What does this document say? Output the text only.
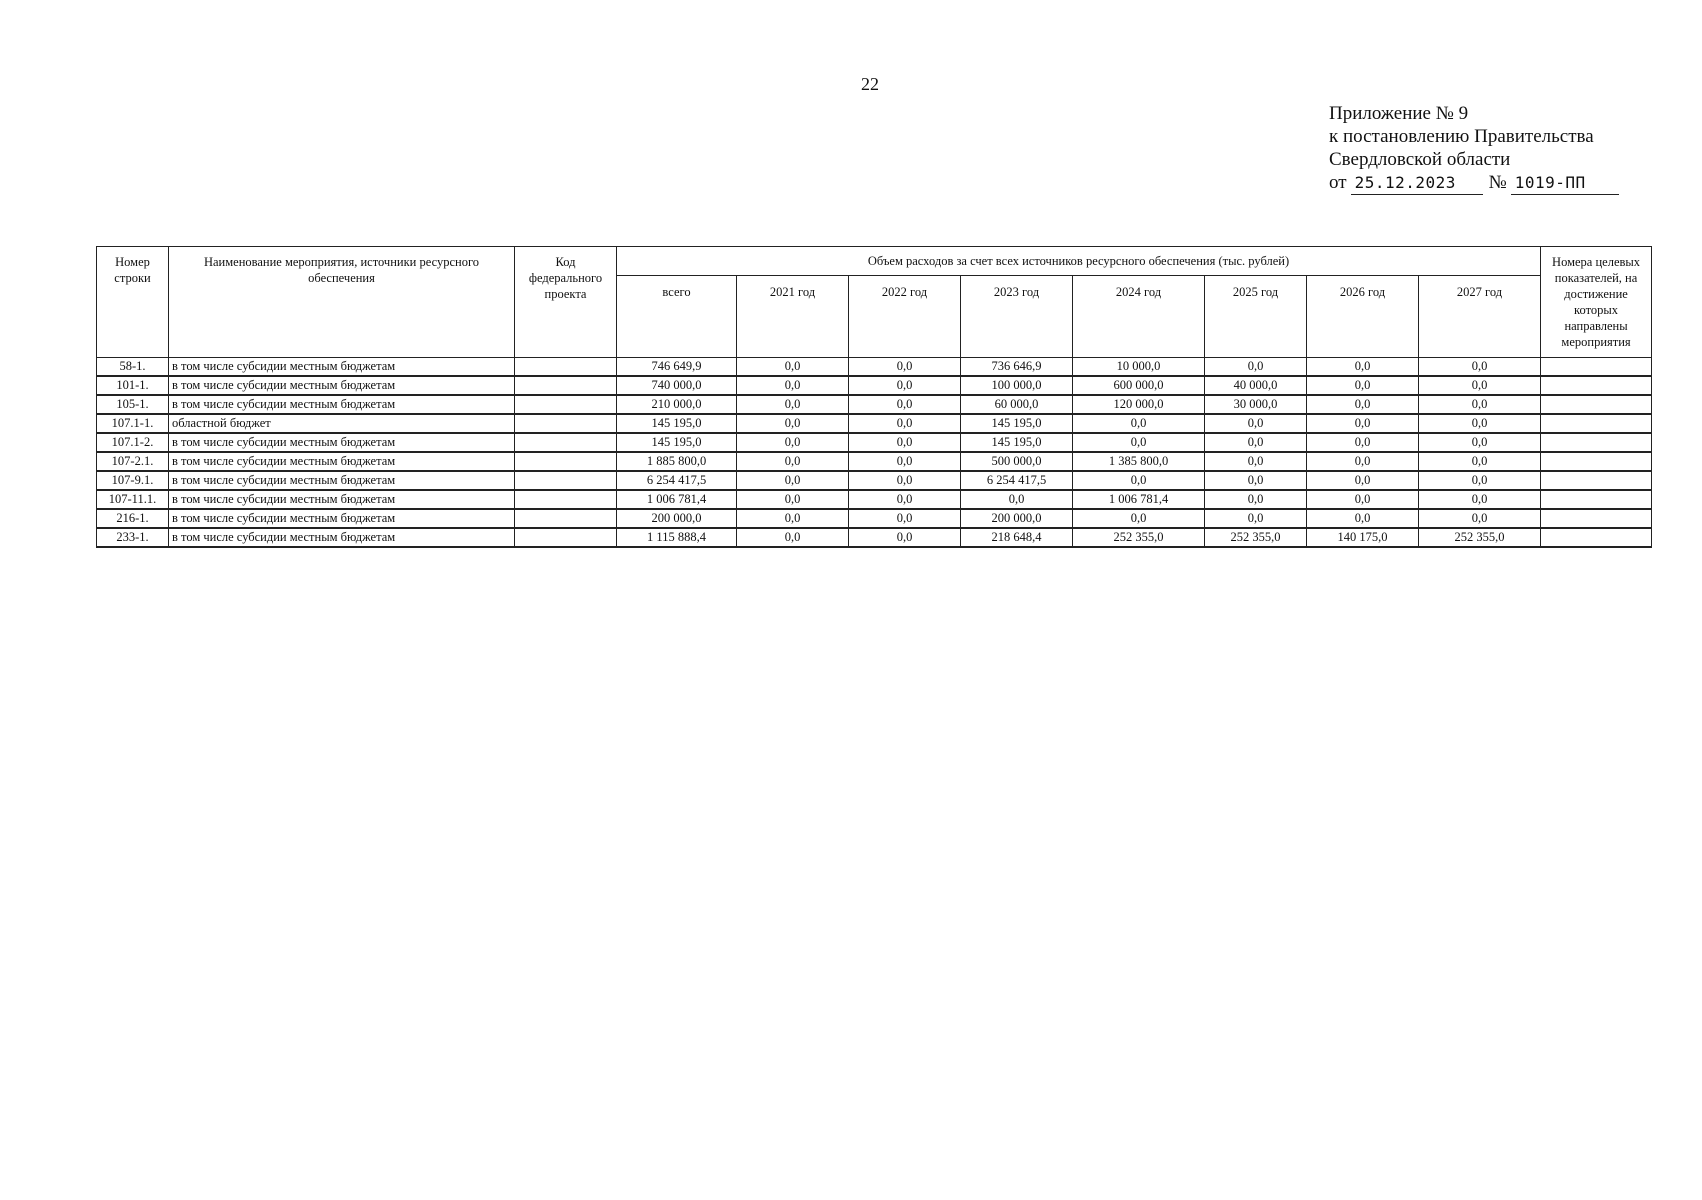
22
Приложение № 9
к постановлению Правительства
Свердловской области
от 25.12.2023	№ 1019-ПП
Номер строки	Наименование мероприятия, источники ресурсного обеспечения	Код федерального проекта	Объем расходов за счет всех источников ресурсного обеспечения (тыс. рублей)								Номера целевых показателей, на достижение которых направлены мероприятия
			всего	2021 год	2022 год	2023 год	2024 год	2025 год	2026 год	2027 год	
58-1.	в том числе субсидии местным бюджетам		746 649,9	0,0	0,0	736 646,9	10 000,0	0,0	0,0	0,0	
101-1.	в том числе субсидии местным бюджетам		740 000,0	0,0	0,0	100 000,0	600 000,0	40 000,0	0,0	0,0	
105-1.	в том числе субсидии местным бюджетам		210 000,0	0,0	0,0	60 000,0	120 000,0	30 000,0	0,0	0,0	
107.1-1.	областной бюджет		145 195,0	0,0	0,0	145 195,0	0,0	0,0	0,0	0,0	
107.1-2.	в том числе субсидии местным бюджетам		145 195,0	0,0	0,0	145 195,0	0,0	0,0	0,0	0,0	
107-2.1.	в том числе субсидии местным бюджетам		1 885 800,0	0,0	0,0	500 000,0	1 385 800,0	0,0	0,0	0,0	
107-9.1.	в том числе субсидии местным бюджетам		6 254 417,5	0,0	0,0	6 254 417,5	0,0	0,0	0,0	0,0	
107-11.1.	в том числе субсидии местным бюджетам		1 006 781,4	0,0	0,0	0,0	1 006 781,4	0,0	0,0	0,0	
216-1.	в том числе субсидии местным бюджетам		200 000,0	0,0	0,0	200 000,0	0,0	0,0	0,0	0,0	
233-1.	в том числе субсидии местным бюджетам		1 115 888,4	0,0	0,0	218 648,4	252 355,0	252 355,0	140 175,0	252 355,0	
